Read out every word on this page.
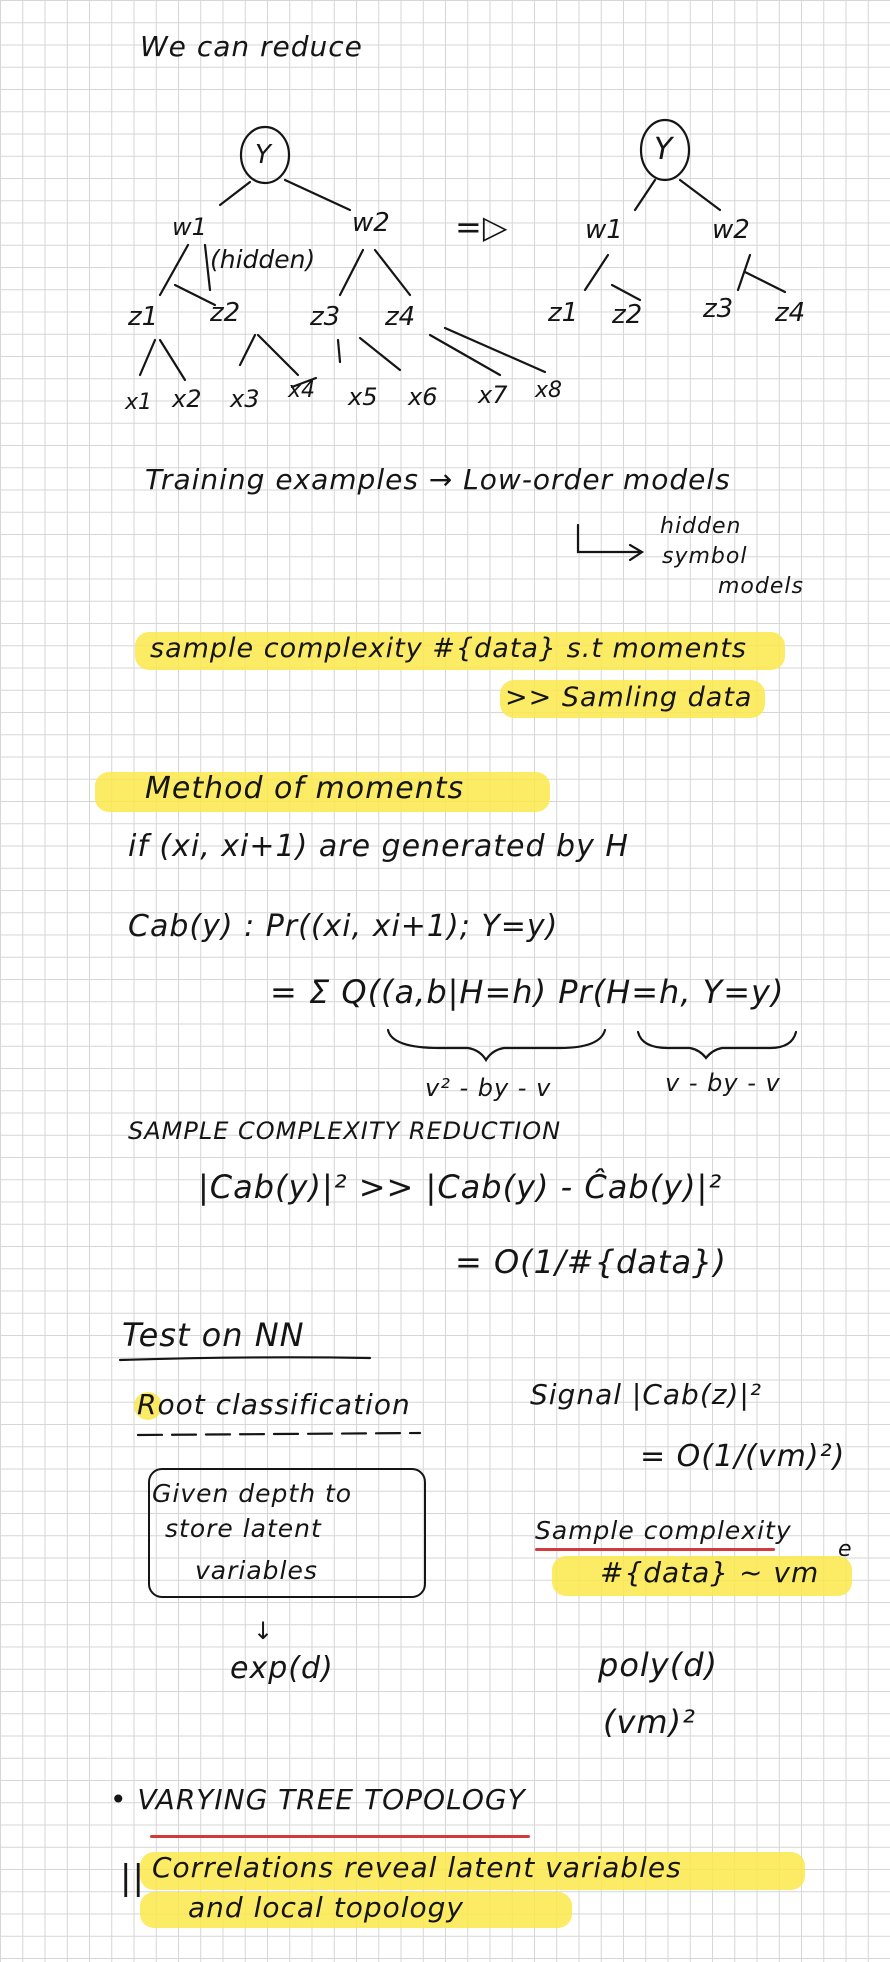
We can reduce
Y
w1	w2
(hidden)
z1 z2	z3 z4
x1 x2 x3 x4 x5 x6 x7 x8
=▷
Y
w1	w2
z1 z2 z3 z4
Training examples → Low-order models
hidden
symbol
models
sample complexity #{data} s.t moments
>> Samling data
Method of moments
if (xi, xi+1) are generated by H
Cab(y) : Pr((xi, xi+1); Y=y)
= Σ Q((a,b|H=h) Pr(H=h, Y=y)
v² - by - v	v - by - v
SAMPLE COMPLEXITY REDUCTION
|Cab(y)|² >> |Cab(y) - Ĉab(y)|²
= O(1/#{data})
Test on NN
Root classification	Signal |Cab(z)|²
= O(1/(vm)²)
Given depth to
store latent
variables
Sample complexity
#{data} ~ vm
e
↓
exp(d)	poly(d)
(vm)²
• VARYING TREE TOPOLOGY
|| Correlations reveal latent variables
and local topology
